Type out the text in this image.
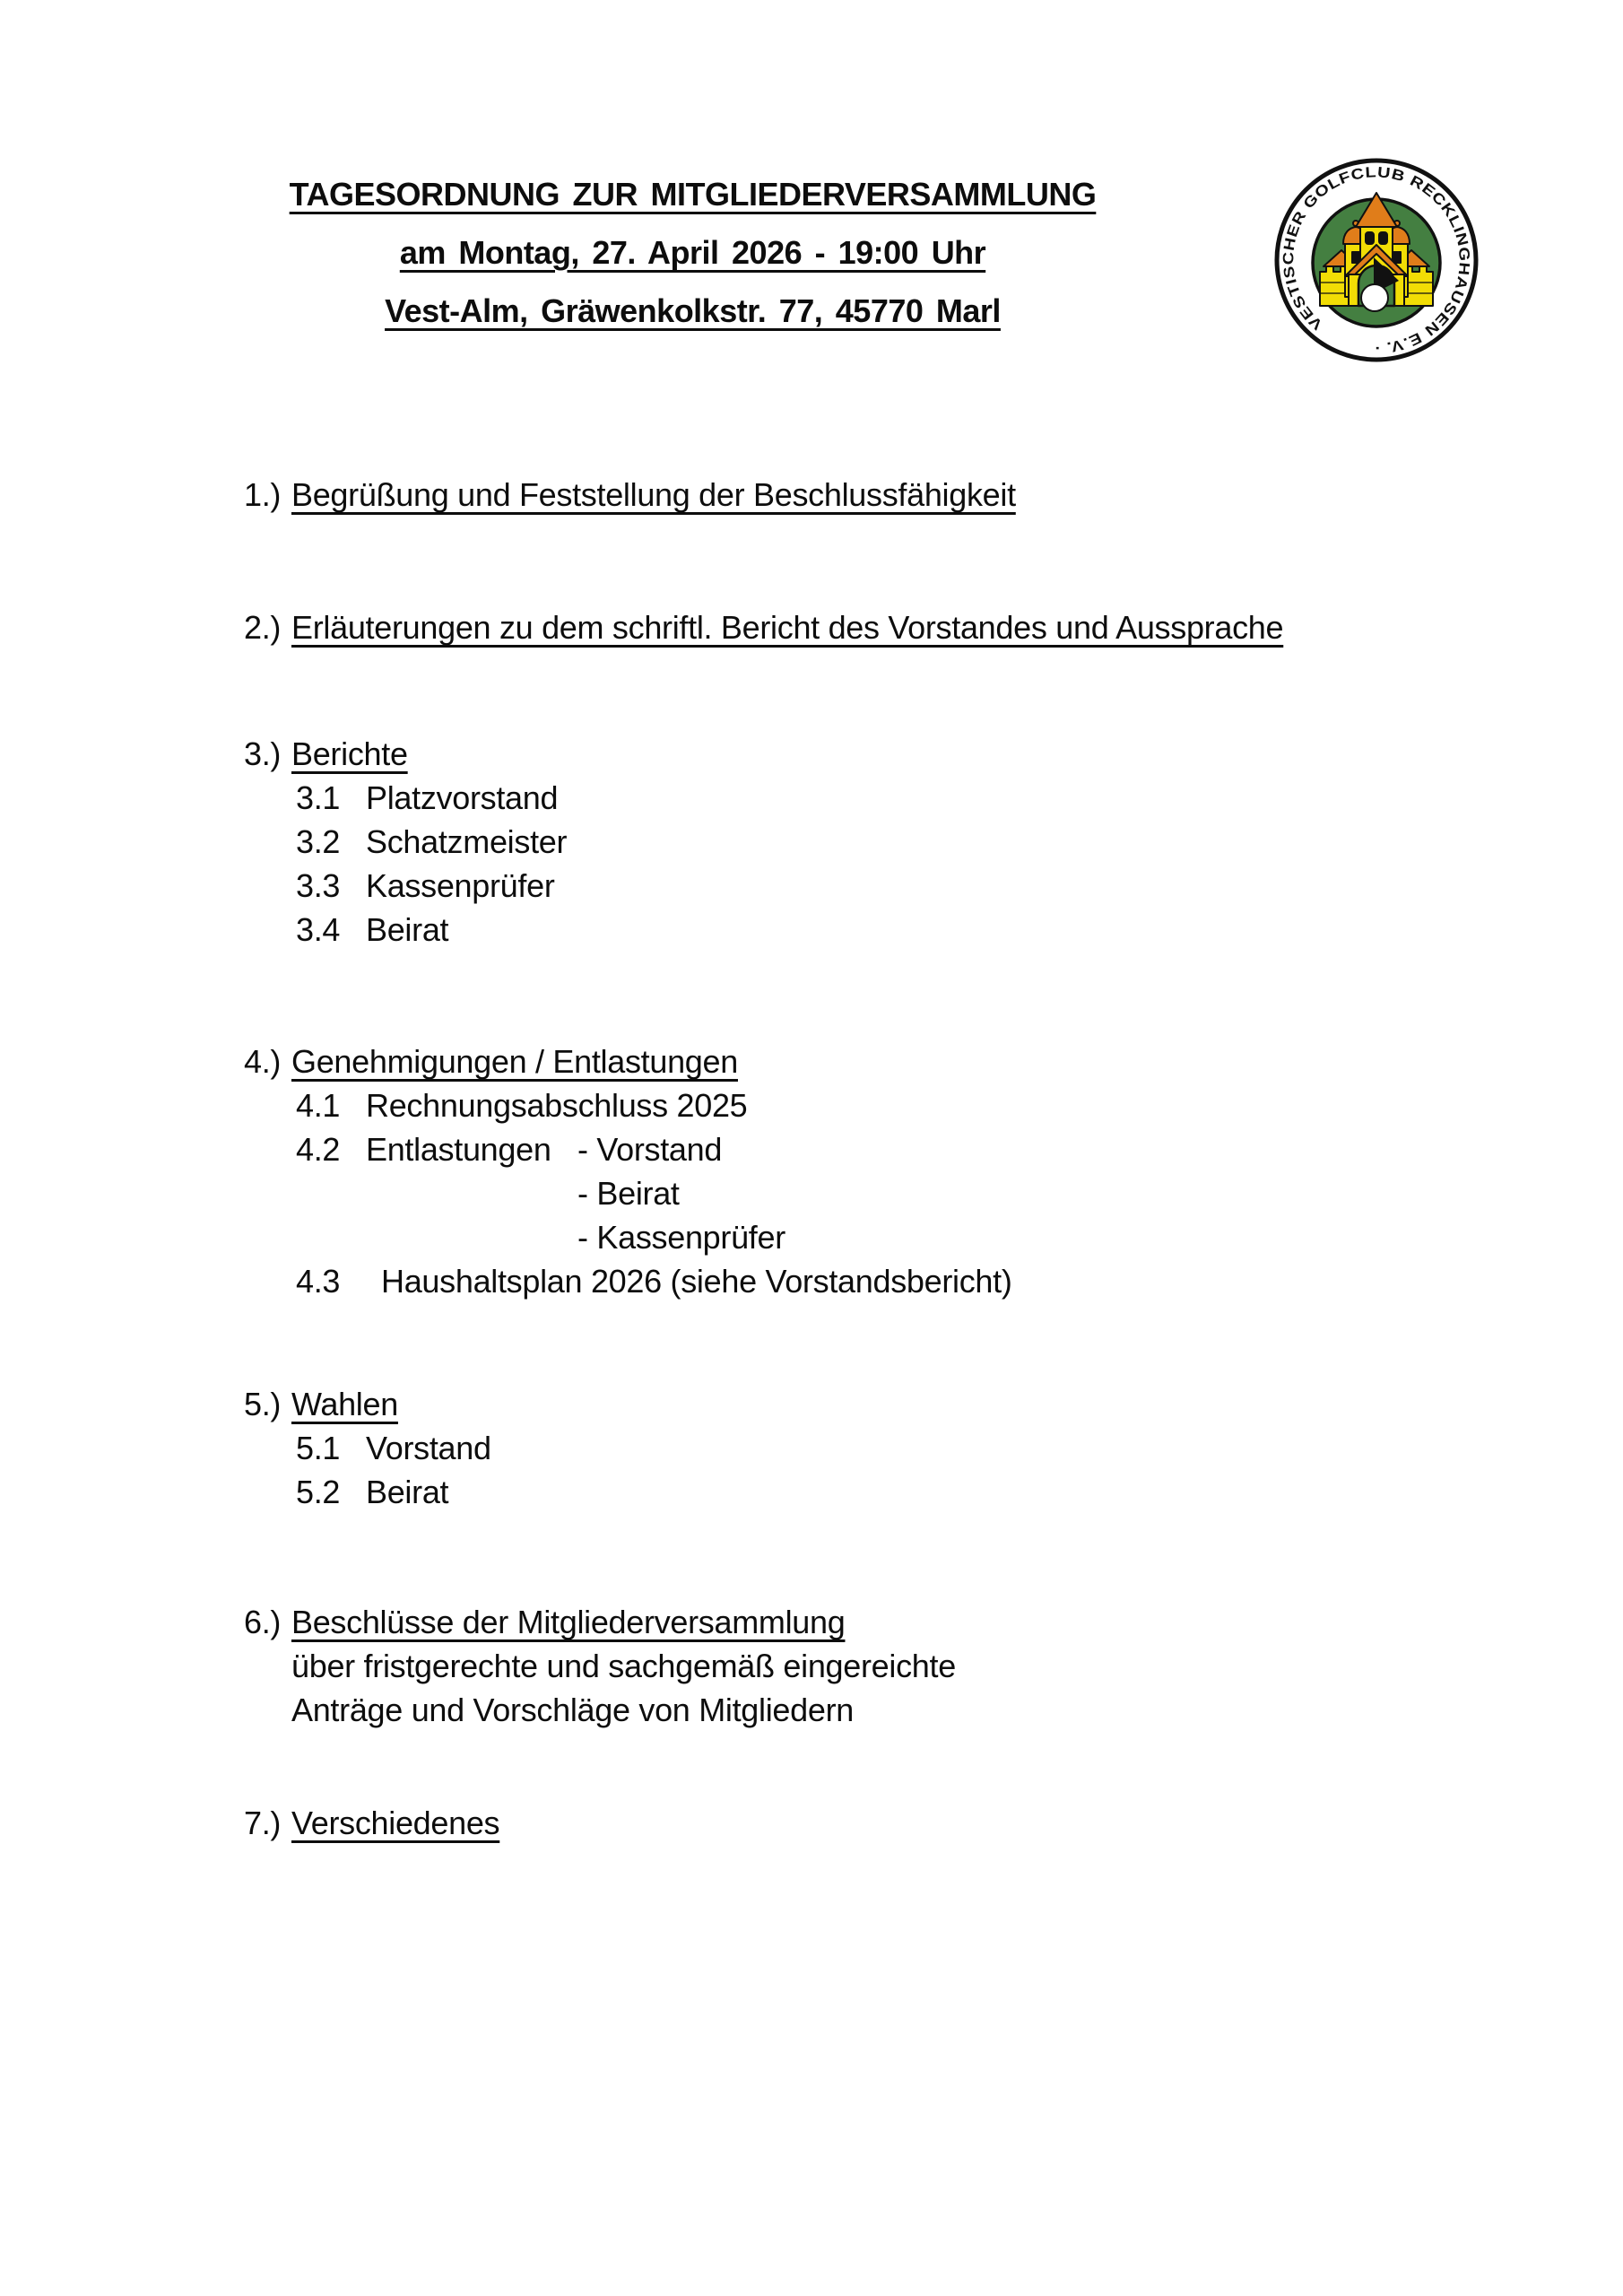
TAGESORDNUNG ZUR MITGLIEDERVERSAMMLUNG
am Montag, 27. April 2026 - 19:00 Uhr
Vest-Alm, Gräwenkolkstr. 77, 45770 Marl	VESTISCHER GOLFCLUB RECKLINGHAUSEN E.V. ·
1.) Begrüßung und Feststellung der Beschlussfähigkeit
2.) Erläuterungen zu dem schriftl. Bericht des Vorstandes und Aussprache
3.) Berichte
3.1 Platzvorstand
3.2 Schatzmeister
3.3 Kassenprüfer
3.4 Beirat
4.) Genehmigungen / Entlastungen
4.1 Rechnungsabschluss 2025
4.2 Entlastungen - Vorstand
- Beirat

- Kassenprüfer

4.3 Haushaltsplan 2026 (siehe Vorstandsbericht)
5.) Wahlen
5.1 Vorstand
5.2 Beirat
6.) Beschlüsse der Mitgliederversammlung
über fristgerechte und sachgemäß eingereichte
Anträge und Vorschläge von Mitgliedern
7.) Verschiedenes
